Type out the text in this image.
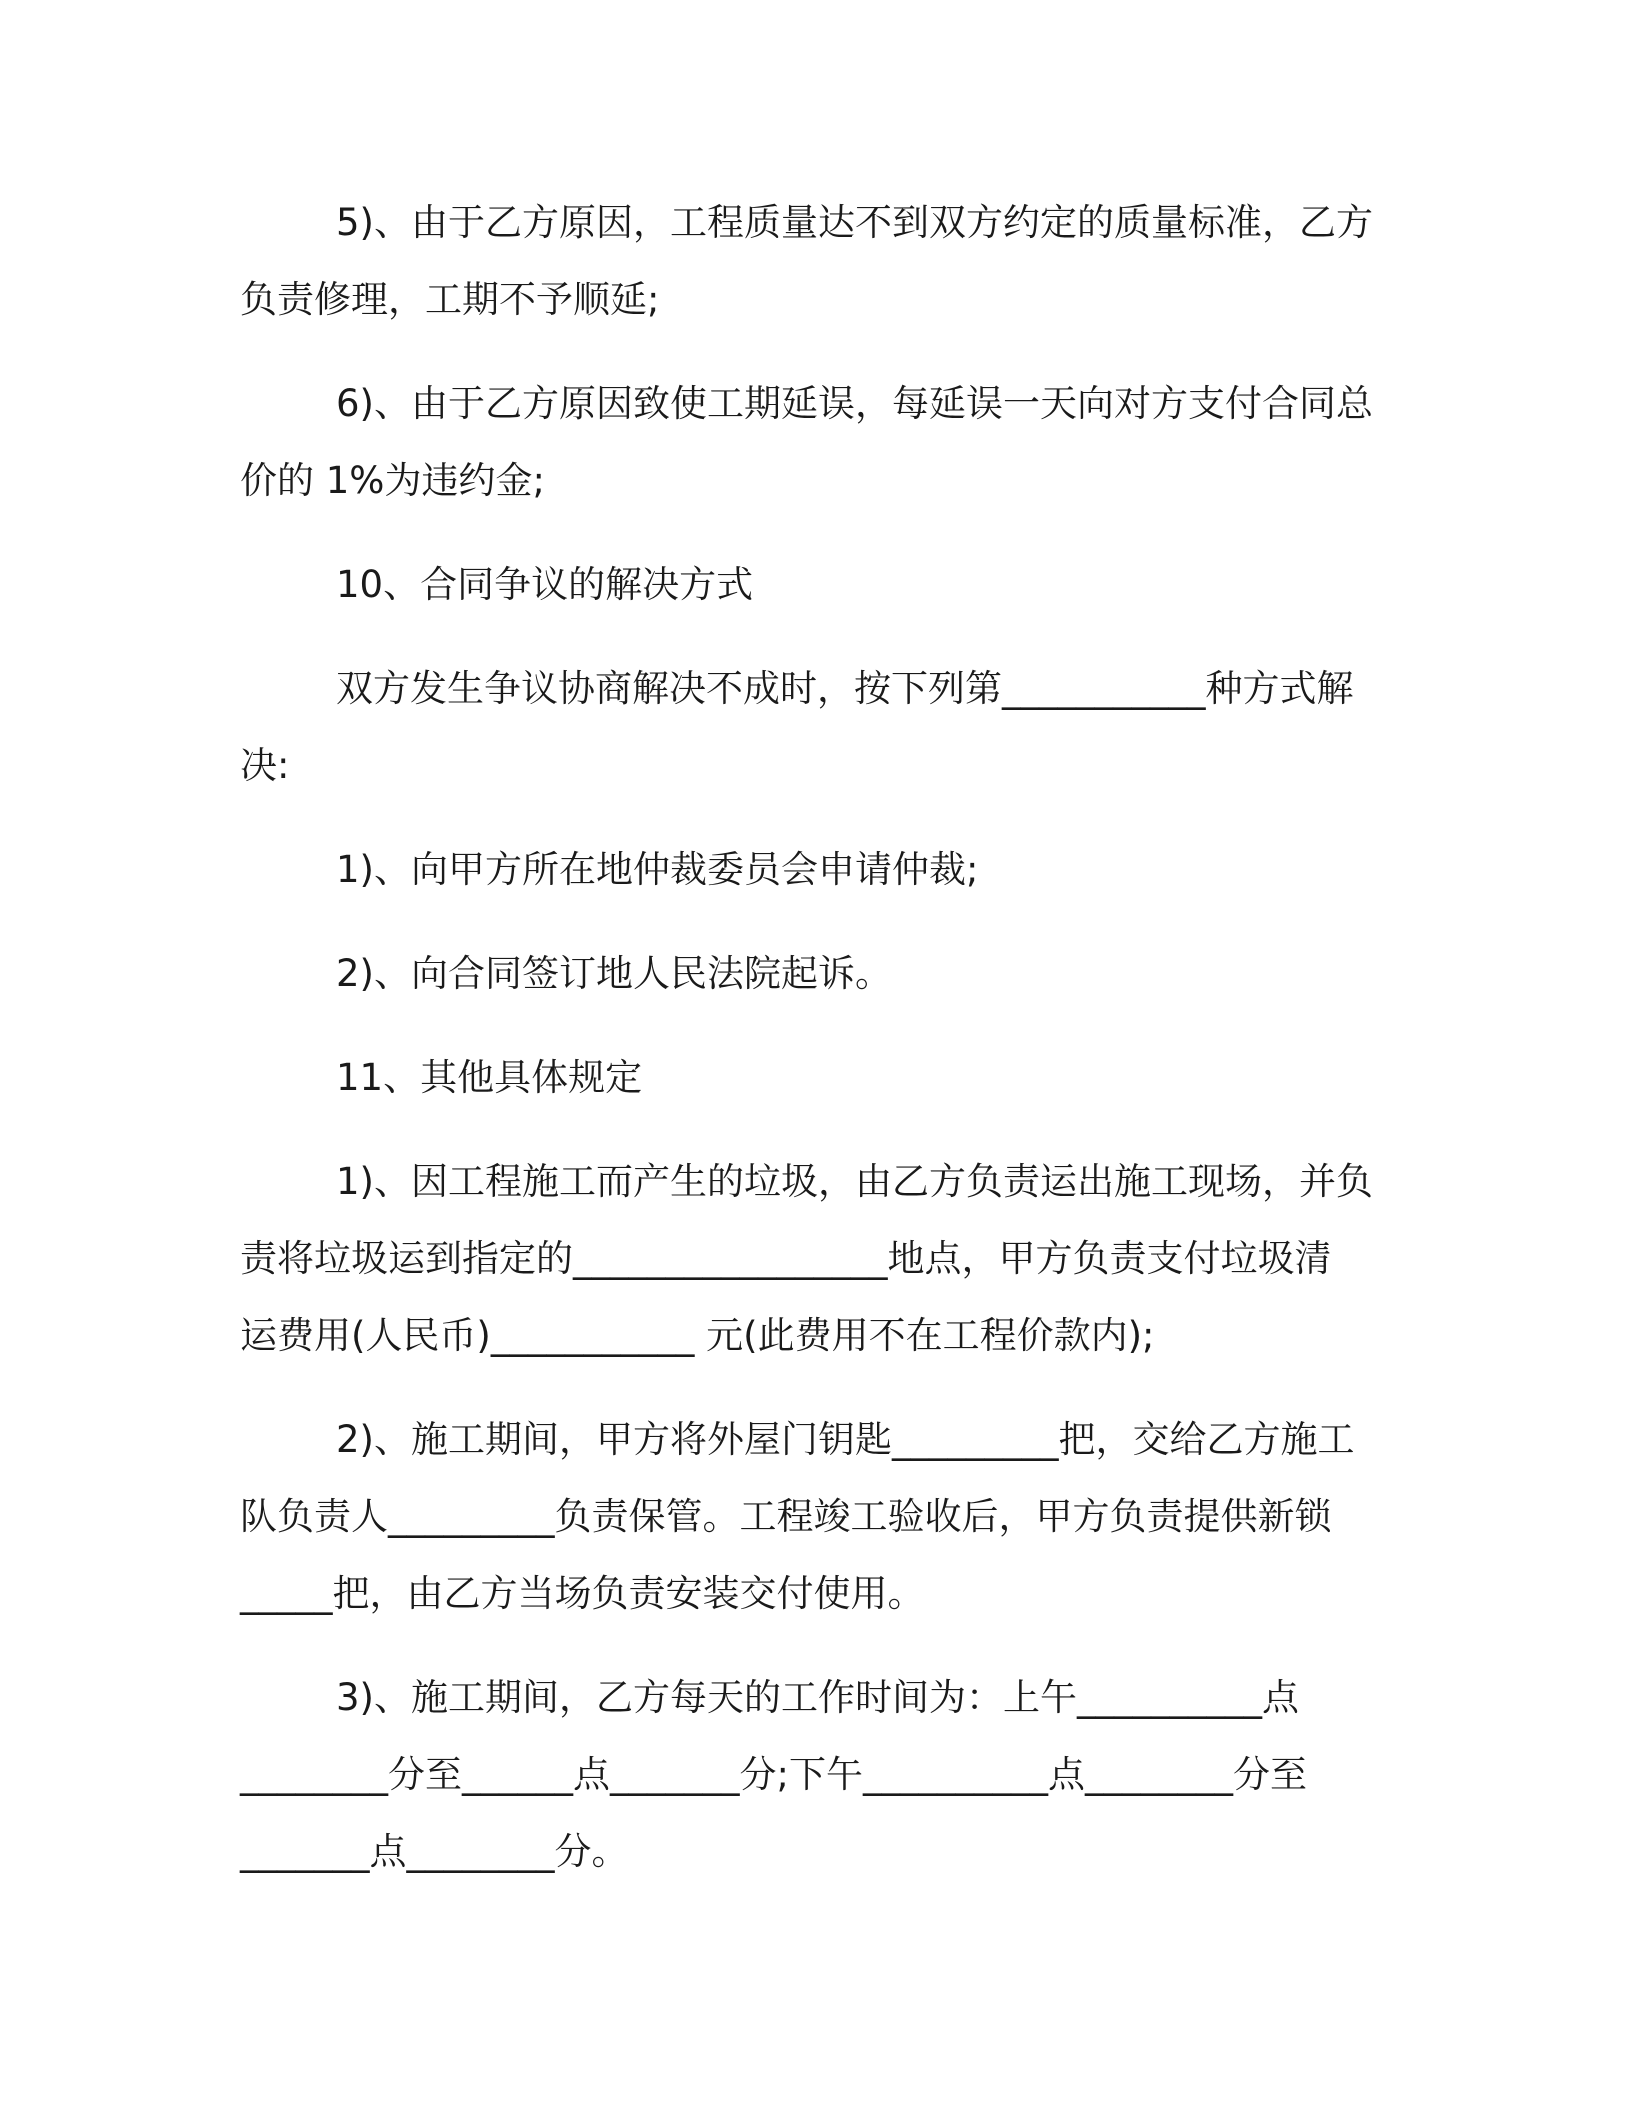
5)、由于乙方原因，工程质量达不到双方约定的质量标准，乙方
负责修理，工期不予顺延;

6)、由于乙方原因致使工期延误，每延误一天向对方支付合同总
价的 1%为违约金;

10、合同争议的解决方式

双方发生争议协商解决不成时，按下列第___________种方式解
决:

1)、向甲方所在地仲裁委员会申请仲裁;

2)、向合同签订地人民法院起诉。

11、其他具体规定

1)、因工程施工而产生的垃圾，由乙方负责运出施工现场，并负
责将垃圾运到指定的_________________地点，甲方负责支付垃圾清
运费用(人民币)___________ 元(此费用不在工程价款内);

2)、施工期间，甲方将外屋门钥匙_________把，交给乙方施工
队负责人_________负责保管。工程竣工验收后，甲方负责提供新锁
_____把，由乙方当场负责安装交付使用。

3)、施工期间，乙方每天的工作时间为：上午__________点
________分至______点_______分;下午__________点________分至
_______点________分。
